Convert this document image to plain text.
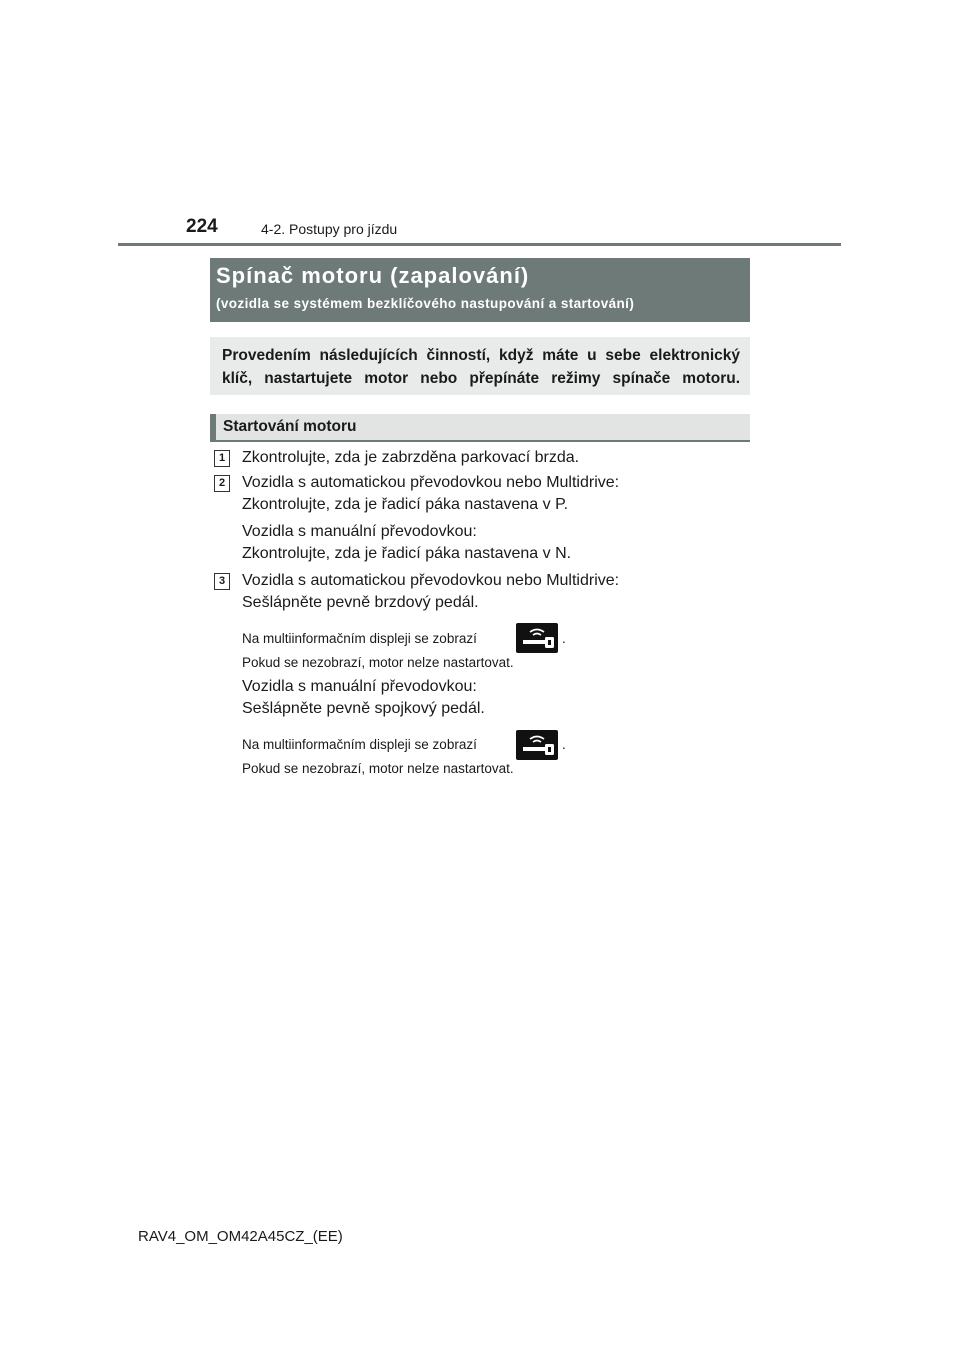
224	4-2. Postupy pro jízdu
Spínač motoru (zapalování)
(vozidla se systémem bezklíčového nastupování a startování)
Provedením následujících činností, když máte u sebe elektronický klíč, nastartujete motor nebo přepínáte režimy spínače motoru.
Startování motoru
1	Zkontrolujte, zda je zabrzděna parkovací brzda.
2	Vozidla s automatickou převodovkou nebo Multidrive:
Zkontrolujte, zda je řadicí páka nastavena v P.
Vozidla s manuální převodovkou:
Zkontrolujte, zda je řadicí páka nastavena v N.
3	Vozidla s automatickou převodovkou nebo Multidrive:
Sešlápněte pevně brzdový pedál.
Na multiinformačním displeji se zobrazí	.
Pokud se nezobrazí, motor nelze nastartovat.
Vozidla s manuální převodovkou:
Sešlápněte pevně spojkový pedál.
Na multiinformačním displeji se zobrazí	.
Pokud se nezobrazí, motor nelze nastartovat.
RAV4_OM_OM42A45CZ_(EE)
